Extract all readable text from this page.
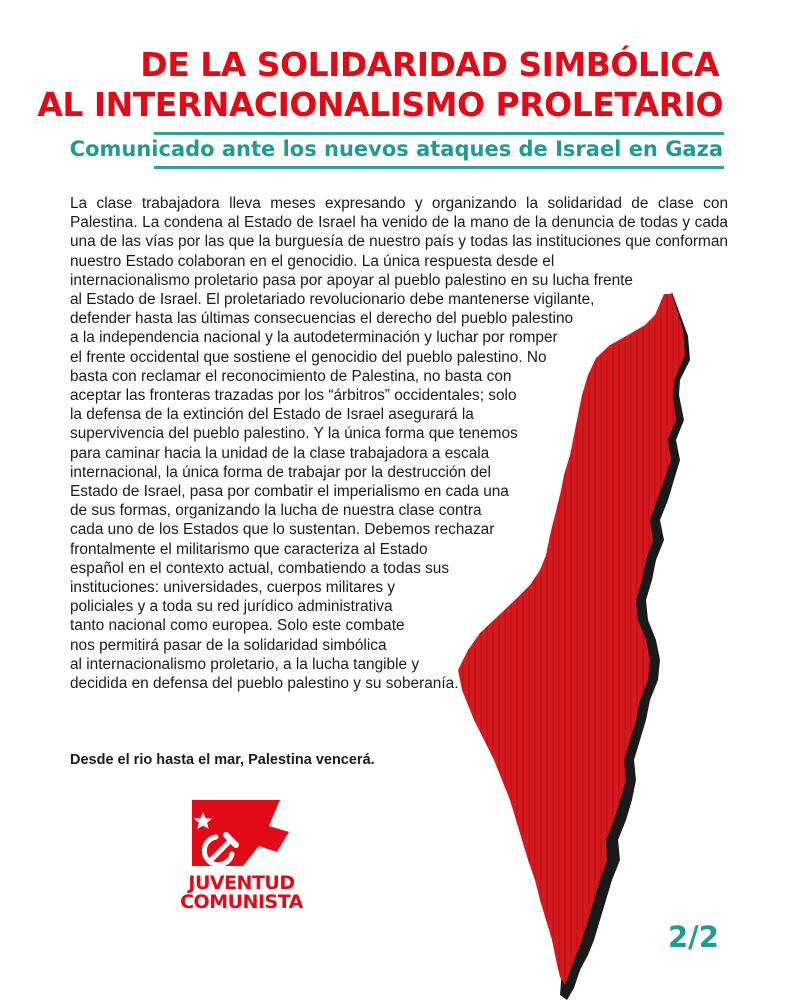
DE LA SOLIDARIDAD SIMBÓLICA
AL INTERNACIONALISMO PROLETARIO
Comunicado ante los nuevos ataques de Israel en Gaza

La clase trabajadora lleva meses expresando y organizando la solidaridad de clase con Palestina. La condena al Estado de Israel ha venido de la mano de la denuncia de todas y cada una de las vías por las que la burguesía de nuestro país y todas las instituciones que conforman nuestro Estado colaboran en el genocidio. La única respuesta desde el

internacionalismo proletario pasa por apoyar al pueblo palestino en su lucha frente
al Estado de Israel. El proletariado revolucionario debe mantenerse vigilante,
defender hasta las últimas consecuencias el derecho del pueblo palestino
a la independencia nacional y la autodeterminación y luchar por romper
el frente occidental que sostiene el genocidio del pueblo palestino. No
basta con reclamar el reconocimiento de Palestina, no basta con
aceptar las fronteras trazadas por los “árbitros” occidentales; solo
la defensa de la extinción del Estado de Israel asegurará la
supervivencia del pueblo palestino. Y la única forma que tenemos
para caminar hacia la unidad de la clase trabajadora a escala
internacional, la única forma de trabajar por la destrucción del
Estado de Israel, pasa por combatir el imperialismo en cada una
de sus formas, organizando la lucha de nuestra clase contra
cada uno de los Estados que lo sustentan. Debemos rechazar
frontalmente el militarismo que caracteriza al Estado
español en el contexto actual, combatiendo a todas sus
instituciones: universidades, cuerpos militares y
policiales y a toda su red jurídico administrativa
tanto nacional como europea. Solo este combate
nos permitirá pasar de la solidaridad simbólica
al internacionalismo proletario, a la lucha tangible y
decidida en defensa del pueblo palestino y su soberanía.

Desde el rio hasta el mar, Palestina vencerá.

JUVENTUD
COMUNISTA

2/2
